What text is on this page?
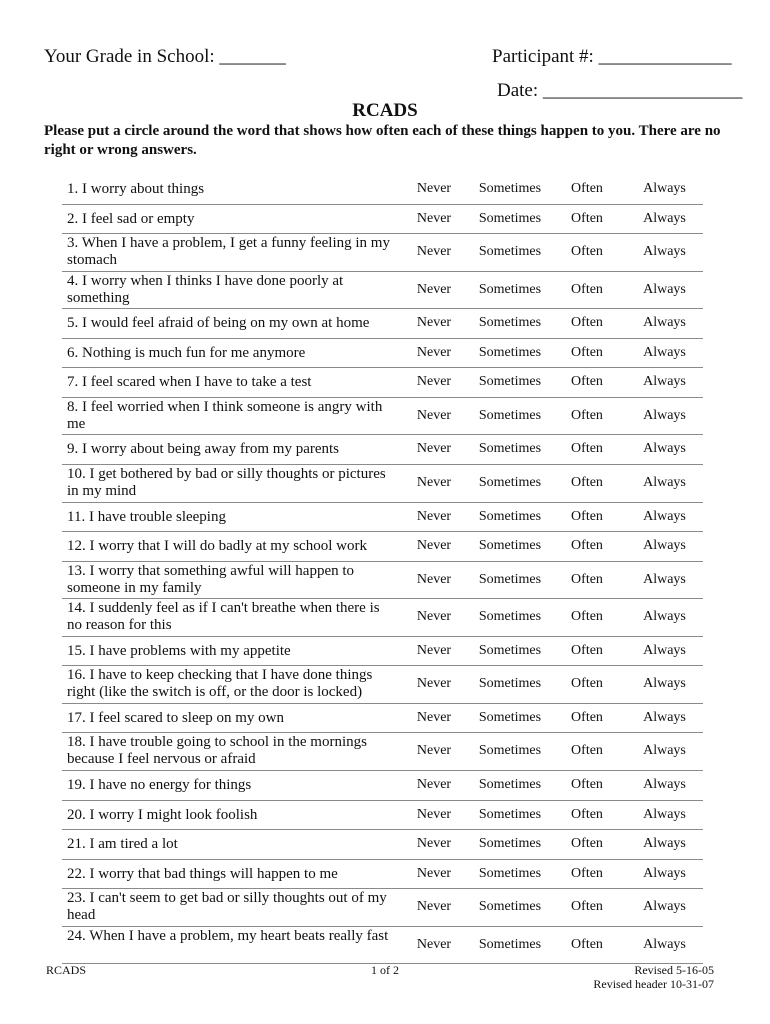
Your Grade in School: _______	Participant #: ______________
Date: _____________________
RCADS
Please put a circle around the word that shows how often each of these things happen to you. There are no right or wrong answers.
1. I worry about things	Never	Sometimes	Often	Always
2. I feel sad or empty	Never	Sometimes	Often	Always
3. When I have a problem, I get a funny feeling in my stomach
Never	Sometimes	Often	Always
4. I worry when I thinks I have done poorly at something
Never	Sometimes	Often	Always
5. I would feel afraid of being on my own at home	Never	Sometimes	Often	Always
6. Nothing is much fun for me anymore	Never	Sometimes	Often	Always
7. I feel scared when I have to take a test	Never	Sometimes	Often	Always
8. I feel worried when I think someone is angry with me
Never	Sometimes	Often	Always
9. I worry about being away from my parents	Never	Sometimes	Often	Always
10. I get bothered by bad or silly thoughts or pictures in my mind
Never	Sometimes	Often	Always
11. I have trouble sleeping	Never	Sometimes	Often	Always
12. I worry that I will do badly at my school work	Never	Sometimes	Often	Always
13. I worry that something awful will happen to someone in my family
Never	Sometimes	Often	Always
14. I suddenly feel as if I can't breathe when there is no reason for this
Never	Sometimes	Often	Always
15. I have problems with my appetite	Never	Sometimes	Often	Always
16. I have to keep checking that I have done things right (like the switch is off, or the door is locked)
Never	Sometimes	Often	Always
17. I feel scared to sleep on my own	Never	Sometimes	Often	Always
18. I have trouble going to school in the mornings because I feel nervous or afraid
Never	Sometimes	Often	Always
19. I have no energy for things	Never	Sometimes	Often	Always
20. I worry I might look foolish	Never	Sometimes	Often	Always
21. I am tired a lot	Never	Sometimes	Often	Always
22. I worry that bad things will happen to me	Never	Sometimes	Often	Always
23. I can't seem to get bad or silly thoughts out of my head
Never	Sometimes	Often	Always
24. When I have a problem, my heart beats really fast
Never	Sometimes	Often	Always
RCADS	1 of 2	Revised 5-16-05
Revised header 10-31-07
